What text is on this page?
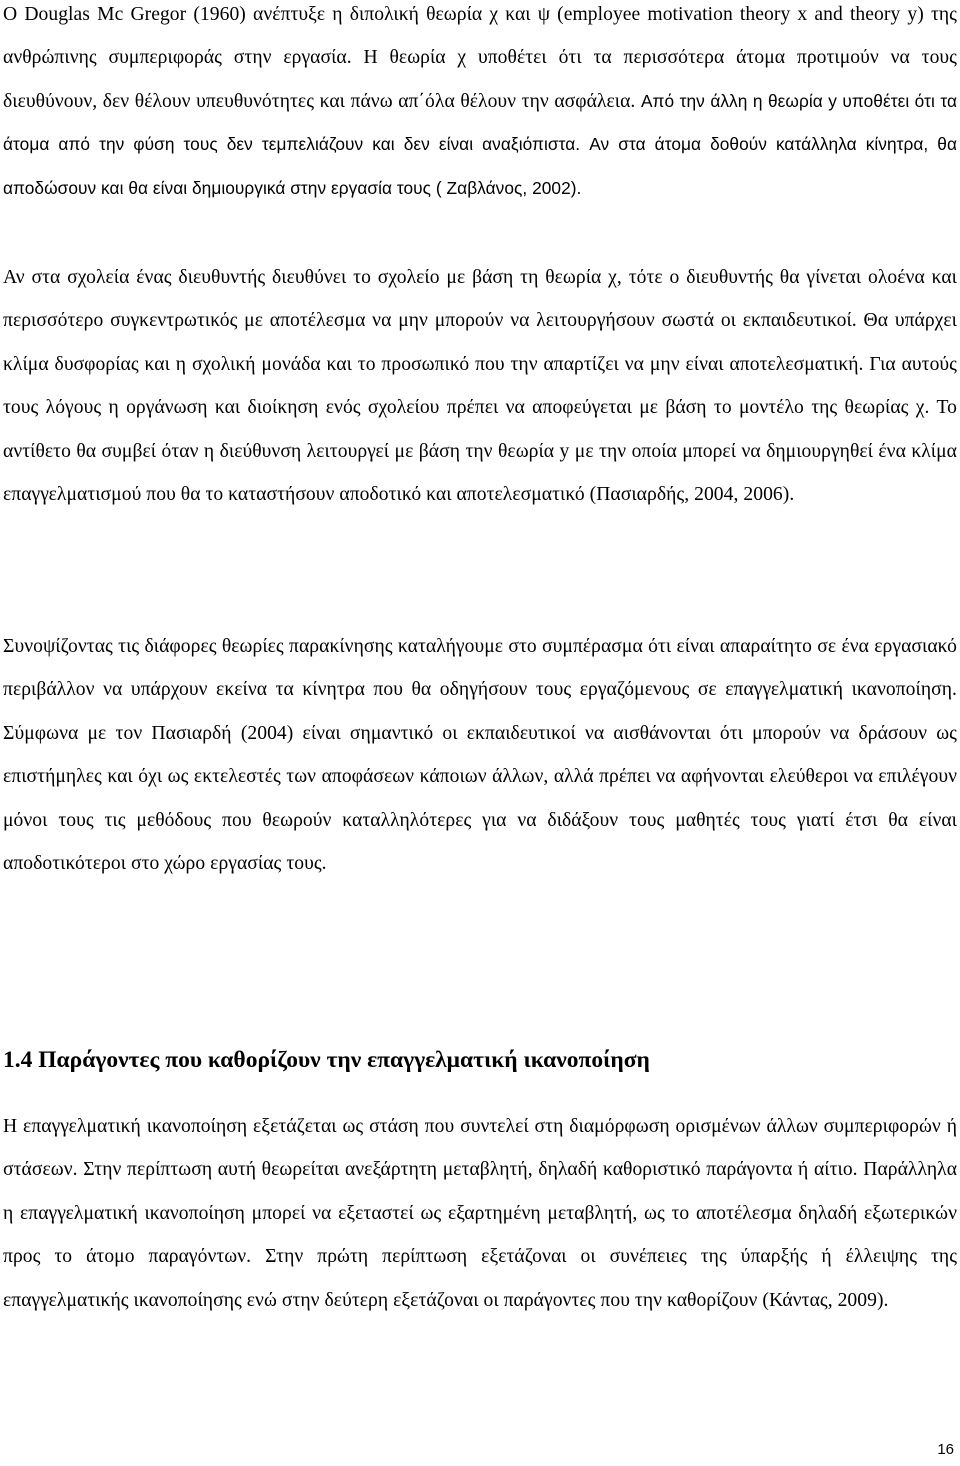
Ο Douglas Mc Gregor (1960) ανέπτυξε η διπολική θεωρία χ και ψ (employee motivation theory x and theory y) της ανθρώπινης συμπεριφοράς στην εργασία. Η θεωρία χ υποθέτει ότι τα περισσότερα άτομα προτιμούν να τους διευθύνουν, δεν θέλουν υπευθυνότητες και πάνω απ΄όλα θέλουν την ασφάλεια. Από την άλλη η θεωρία y υποθέτει ότι τα άτομα από την φύση τους δεν τεμπελιάζουν και δεν είναι αναξιόπιστα. Αν στα άτομα δοθούν κατάλληλα κίνητρα, θα αποδώσουν και θα είναι δημιουργικά στην εργασία τους ( Ζαβλάνος, 2002).

Αν στα σχολεία ένας διευθυντής διευθύνει το σχολείο με βάση τη θεωρία χ, τότε ο διευθυντής θα γίνεται ολοένα και περισσότερο συγκεντρωτικός με αποτέλεσμα να μην μπορούν να λειτουργήσουν σωστά οι εκπαιδευτικοί. Θα υπάρχει κλίμα δυσφορίας και η σχολική μονάδα και το προσωπικό που την απαρτίζει να μην είναι αποτελεσματική. Για αυτούς τους λόγους η οργάνωση και διοίκηση ενός σχολείου πρέπει να αποφεύγεται με βάση το μοντέλο της θεωρίας χ. Το αντίθετο θα συμβεί όταν η διεύθυνση λειτουργεί με βάση την θεωρία y με την οποία μπορεί να δημιουργηθεί ένα κλίμα επαγγελματισμού που θα το καταστήσουν αποδοτικό και αποτελεσματικό (Πασιαρδής, 2004, 2006).

Συνοψίζοντας τις διάφορες θεωρίες παρακίνησης καταλήγουμε στο συμπέρασμα ότι είναι απαραίτητο σε ένα εργασιακό περιβάλλον να υπάρχουν εκείνα τα κίνητρα που θα οδηγήσουν τους εργαζόμενους σε επαγγελματική ικανοποίηση. Σύμφωνα με τον Πασιαρδή (2004) είναι σημαντικό οι εκπαιδευτικοί να αισθάνονται ότι μπορούν να δράσουν ως επιστήμηλες και όχι ως εκτελεστές των αποφάσεων κάποιων άλλων, αλλά πρέπει να αφήνονται ελεύθεροι να επιλέγουν μόνοι τους τις μεθόδους που θεωρούν καταλληλότερες για να διδάξουν τους μαθητές τους γιατί έτσι θα είναι αποδοτικότεροι στο χώρο εργασίας τους.

1.4 Παράγοντες που καθορίζουν την επαγγελματική ικανοποίηση

Η επαγγελματική ικανοποίηση εξετάζεται ως στάση που συντελεί στη διαμόρφωση ορισμένων άλλων συμπεριφορών ή στάσεων. Στην περίπτωση αυτή θεωρείται ανεξάρτητη μεταβλητή, δηλαδή καθοριστικό παράγοντα ή αίτιο. Παράλληλα η επαγγελματική ικανοποίηση μπορεί να εξεταστεί ως εξαρτημένη μεταβλητή, ως το αποτέλεσμα δηλαδή εξωτερικών προς το άτομο παραγόντων. Στην πρώτη περίπτωση εξετάζοναι οι συνέπειες της ύπαρξής ή έλλειψης της επαγγελματικής ικανοποίησης ενώ στην δεύτερη εξετάζοναι οι παράγοντες που την καθορίζουν (Κάντας, 2009).

16
